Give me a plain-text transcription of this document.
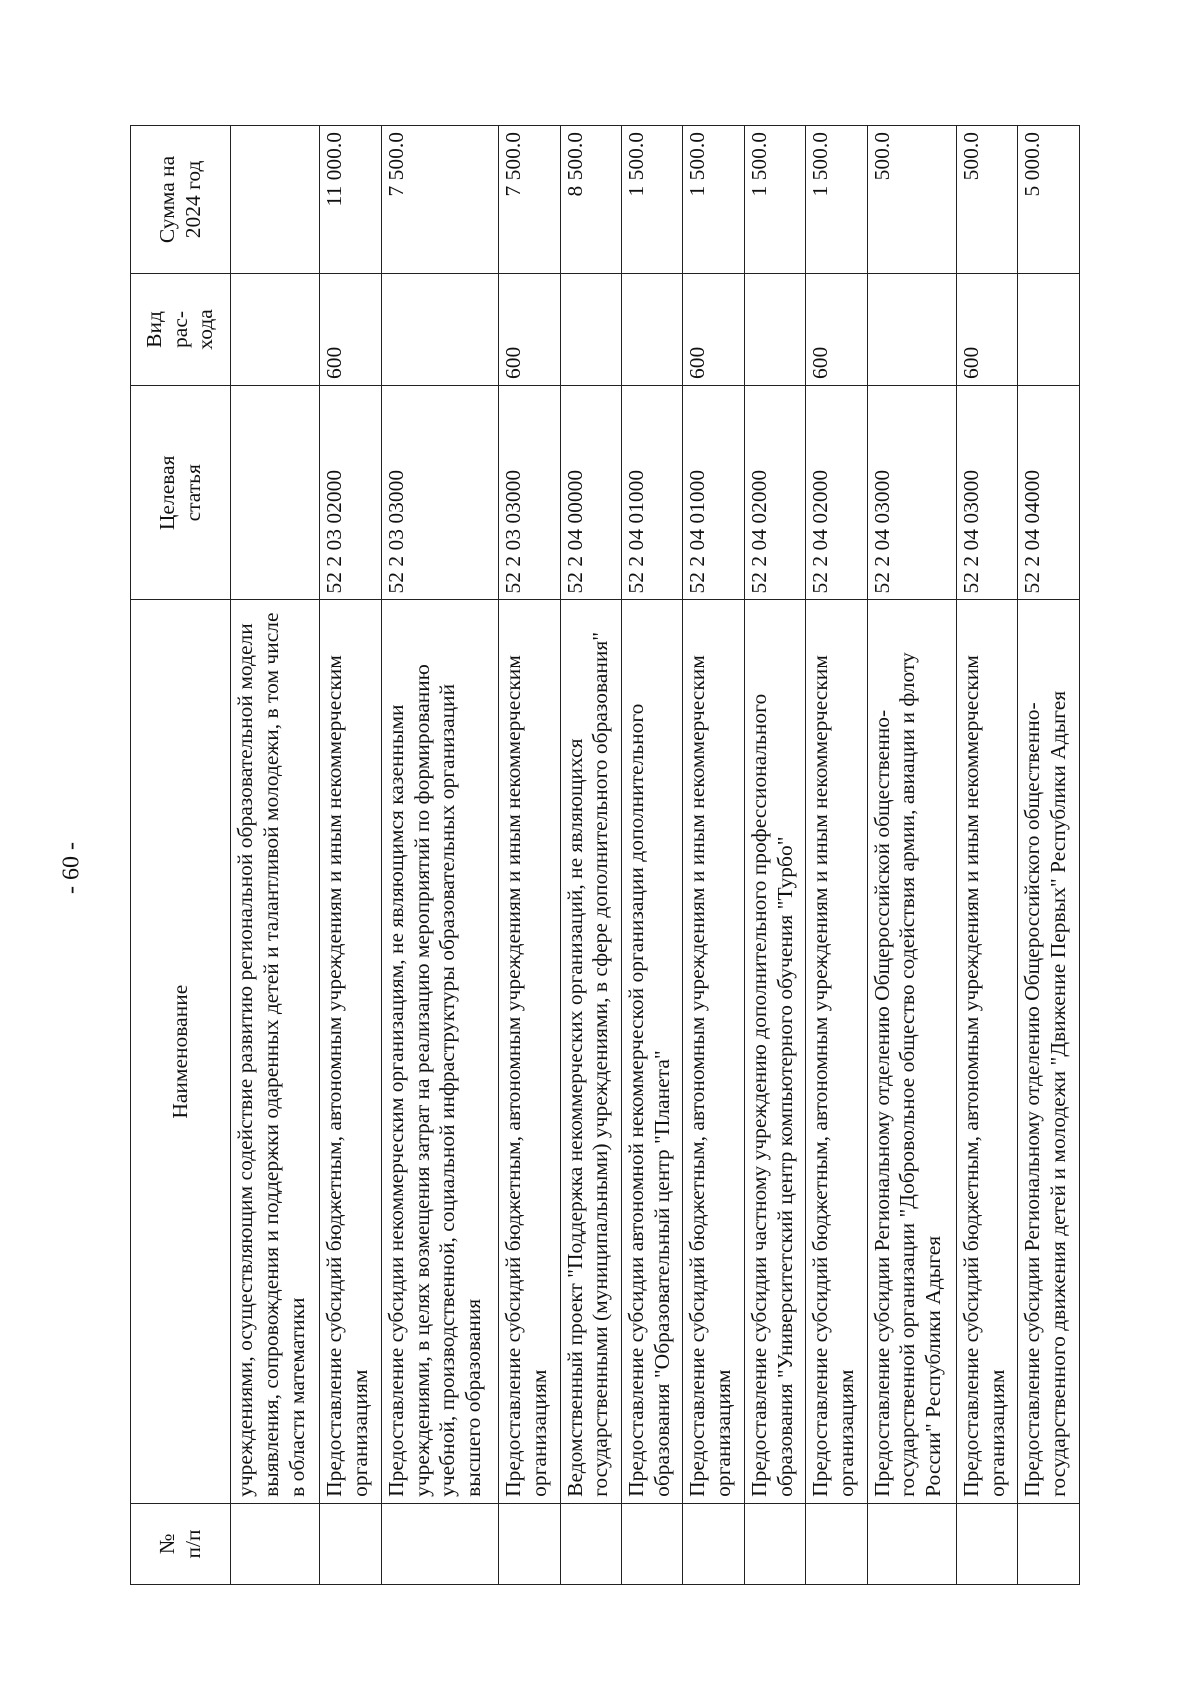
- 60 -
№ п/п	Наименование	Целевая статья	Вид рас- хода	Сумма на 2024 год

	учреждениями, осуществляющим содействие развитию региональной образовательной модели выявления, сопровождения и поддержки одаренных детей и талантливой молодежи, в том числе в области математики			
	Предоставление субсидий бюджетным, автономным учреждениям и иным некоммерческим организациям	52 2 03 02000	600	11 000.0
	Предоставление субсидии некоммерческим организациям, не являющимся казенными учреждениями, в целях возмещения затрат на реализацию мероприятий по формированию учебной, производственной, социальной инфраструктуры образовательных организаций высшего образования	52 2 03 03000		7 500.0
	Предоставление субсидий бюджетным, автономным учреждениям и иным некоммерческим организациям	52 2 03 03000	600	7 500.0
	Ведомственный проект "Поддержка некоммерческих организаций, не являющихся государственными (муниципальными) учреждениями, в сфере дополнительного образования"	52 2 04 00000		8 500.0
	Предоставление субсидии автономной некоммерческой организации дополнительного образования "Образовательный центр "Планета"	52 2 04 01000		1 500.0
	Предоставление субсидий бюджетным, автономным учреждениям и иным некоммерческим организациям	52 2 04 01000	600	1 500.0
	Предоставление субсидии частному учреждению дополнительного профессионального образования "Университетский центр компьютерного обучения "Турбо"	52 2 04 02000		1 500.0
	Предоставление субсидий бюджетным, автономным учреждениям и иным некоммерческим организациям	52 2 04 02000	600	1 500.0
	Предоставление субсидии Региональному отделению Общероссийской общественно-государственной организации "Добровольное общество содействия армии, авиации и флоту России" Республики Адыгея	52 2 04 03000		500.0
	Предоставление субсидий бюджетным, автономным учреждениям и иным некоммерческим организациям	52 2 04 03000	600	500.0
	Предоставление субсидии Региональному отделению Общероссийского общественно-государственного движения детей и молодежи "Движение Первых" Республики Адыгея	52 2 04 04000		5 000.0
